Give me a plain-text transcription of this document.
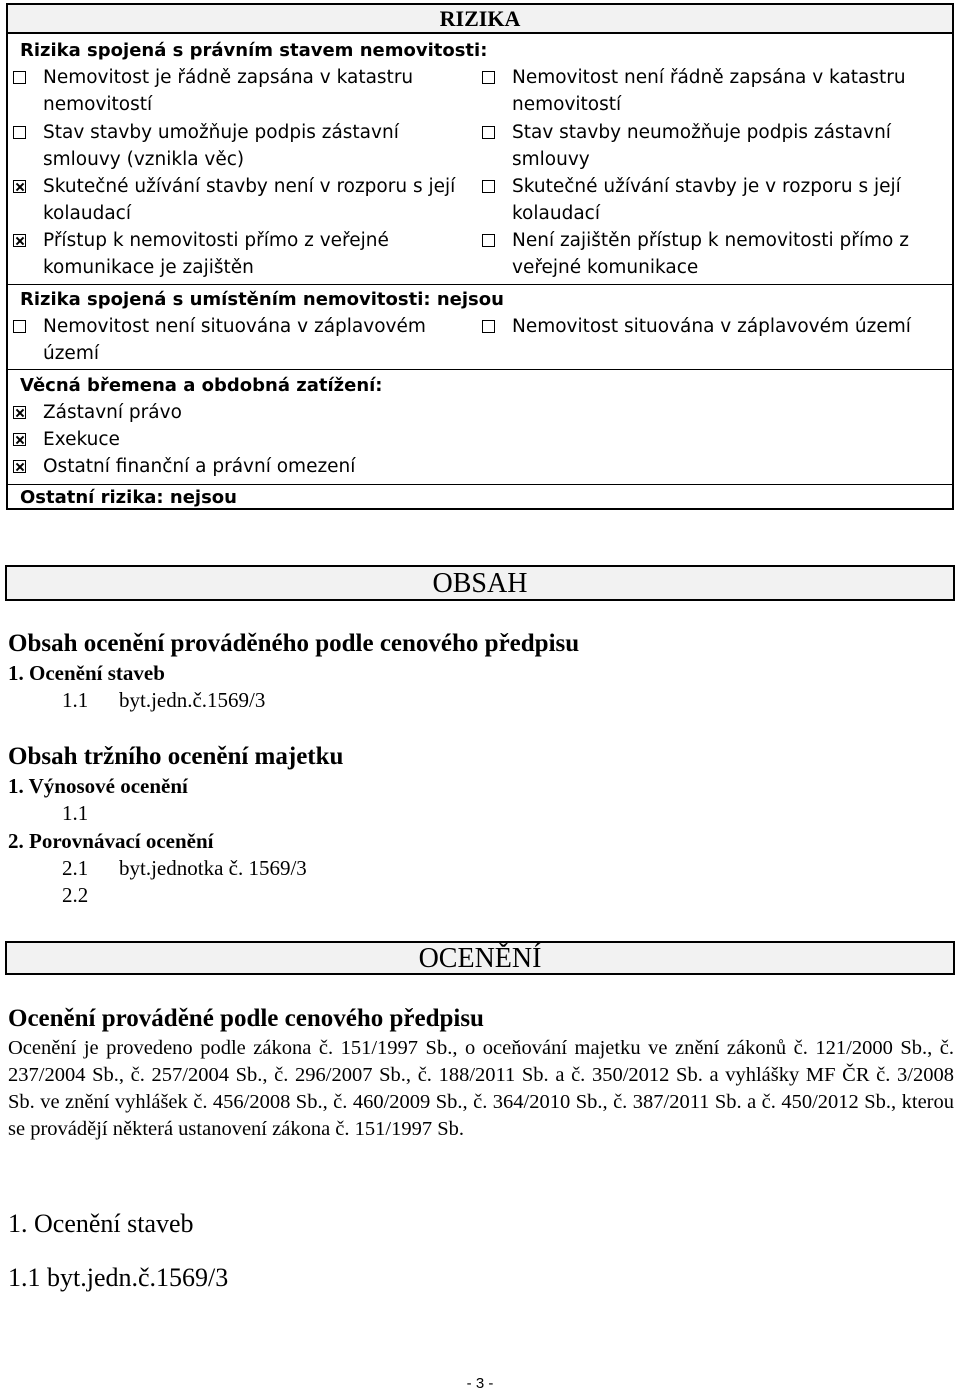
RIZIKA
Rizika spojená s právním stavem nemovitosti:
Nemovitost je řádně zapsána v katastru nemovitostí
Nemovitost není řádně zapsána v katastru nemovitostí
Stav stavby umožňuje podpis zástavní smlouvy (vznikla věc)
Stav stavby neumožňuje podpis zástavní smlouvy
Skutečné užívání stavby není v rozporu s její kolaudací
Skutečné užívání stavby je v rozporu s její kolaudací
Přístup k nemovitosti přímo z veřejné komunikace je zajištěn
Není zajištěn přístup k nemovitosti přímo z veřejné komunikace
Rizika spojená s umístěním nemovitosti: nejsou
Nemovitost není situována v záplavovém území
Nemovitost situována v záplavovém území
Věcná břemena a obdobná zatížení:
Zástavní právo
Exekuce
Ostatní finanční a právní omezení
Ostatní rizika: nejsou
OBSAH
Obsah ocenění prováděného podle cenového předpisu
1. Ocenění staveb
1.1 byt.jedn.č.1569/3
Obsah tržního ocenění majetku
1. Výnosové ocenění
1.1
2. Porovnávací ocenění
2.1 byt.jednotka č. 1569/3
2.2
OCENĚNÍ
Ocenění prováděné podle cenového předpisu
Ocenění je provedeno podle zákona č. 151/1997 Sb., o oceňování majetku ve znění zákonů č. 121/2000 Sb., č. 237/2004 Sb., č. 257/2004 Sb., č. 296/2007 Sb., č. 188/2011 Sb. a č. 350/2012 Sb. a vyhlášky MF ČR č. 3/2008 Sb. ve znění vyhlášek č. 456/2008 Sb., č. 460/2009 Sb., č. 364/2010 Sb., č. 387/2011 Sb. a č. 450/2012 Sb., kterou se provádějí některá ustanovení zákona č. 151/1997 Sb.
1. Ocenění staveb
1.1 byt.jedn.č.1569/3
- 3 -
